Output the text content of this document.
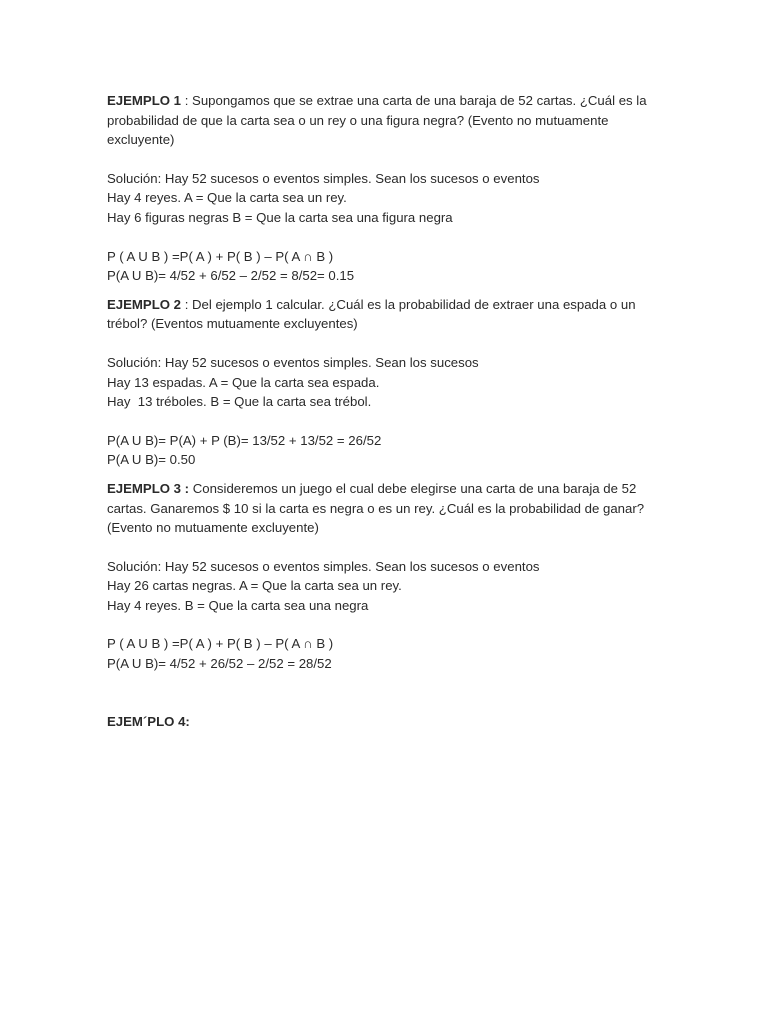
EJEMPLO 1 : Supongamos que se extrae una carta de una baraja de 52 cartas. ¿Cuál es la
probabilidad de que la carta sea o un rey o una figura negra? (Evento no mutuamente
excluyente)
Solución: Hay 52 sucesos o eventos simples. Sean los sucesos o eventos
Hay 4 reyes. A = Que la carta sea un rey.
Hay 6 figuras negras B = Que la carta sea una figura negra
P ( A U B ) =P( A ) + P( B ) – P( A ∩ B )
P(A U B)= 4/52 + 6/52 – 2/52 = 8/52= 0.15
EJEMPLO 2 : Del ejemplo 1 calcular. ¿Cuál es la probabilidad de extraer una espada o un
trébol? (Eventos mutuamente excluyentes)
Solución: Hay 52 sucesos o eventos simples. Sean los sucesos
Hay 13 espadas. A = Que la carta sea espada.
Hay  13 tréboles. B = Que la carta sea trébol.
P(A U B)= P(A) + P (B)= 13/52 + 13/52 = 26/52
P(A U B)= 0.50
EJEMPLO 3 : Consideremos un juego el cual debe elegirse una carta de una baraja de 52
cartas. Ganaremos $ 10 si la carta es negra o es un rey. ¿Cuál es la probabilidad de ganar?
(Evento no mutuamente excluyente)
Solución: Hay 52 sucesos o eventos simples. Sean los sucesos o eventos
Hay 26 cartas negras. A = Que la carta sea un rey.
Hay 4 reyes. B = Que la carta sea una negra
P ( A U B ) =P( A ) + P( B ) – P( A ∩ B )
P(A U B)= 4/52 + 26/52 – 2/52 = 28/52
EJEM´PLO 4:
